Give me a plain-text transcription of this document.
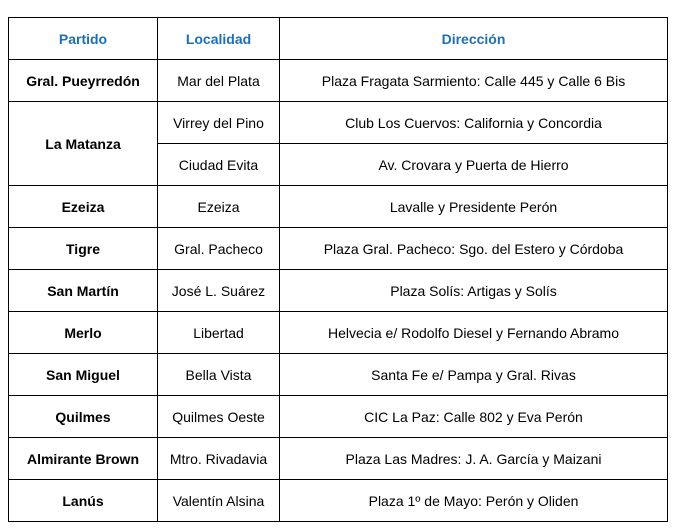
Partido	Localidad	Dirección
Gral. Pueyrredón	Mar del Plata	Plaza Fragata Sarmiento: Calle 445 y Calle 6 Bis
La Matanza	Virrey del Pino	Club Los Cuervos: California y Concordia
	Ciudad Evita	Av. Crovara y Puerta de Hierro
Ezeiza	Ezeiza	Lavalle y Presidente Perón
Tigre	Gral. Pacheco	Plaza Gral. Pacheco: Sgo. del Estero y Córdoba
San Martín	José L. Suárez	Plaza Solís: Artigas y Solís
Merlo	Libertad	Helvecia e/ Rodolfo Diesel y Fernando Abramo
San Miguel	Bella Vista	Santa Fe e/ Pampa y Gral. Rivas
Quilmes	Quilmes Oeste	CIC La Paz: Calle 802 y Eva Perón
Almirante Brown	Mtro. Rivadavia	Plaza Las Madres: J. A. García y Maizani
Lanús	Valentín Alsina	Plaza 1º de Mayo: Perón y Oliden
